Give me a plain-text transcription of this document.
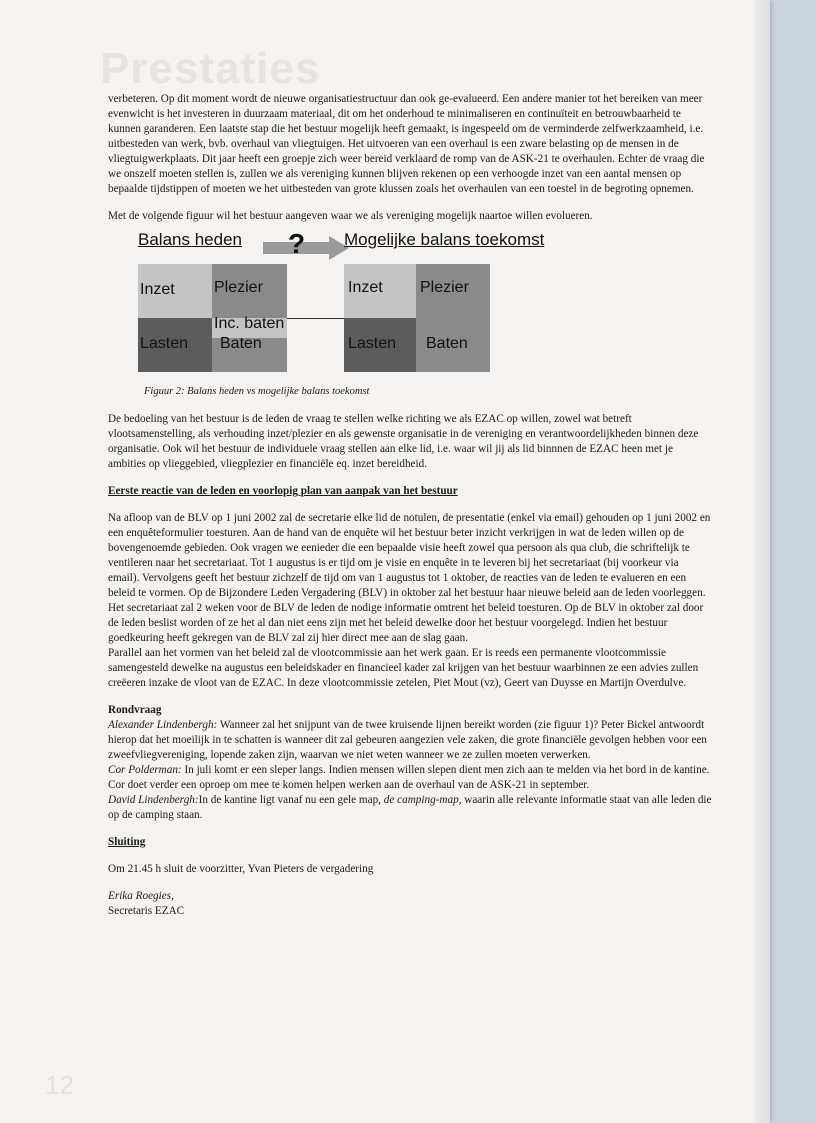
Prestaties
12

verbeteren. Op dit moment wordt de nieuwe organisatiestructuur dan ook ge-evalueerd. Een andere manier tot het bereiken van meer evenwicht is het investeren in duurzaam materiaal, dit om het onderhoud te minimaliseren en continuïteit en betrouwbaarheid te kunnen garanderen. Een laatste stap die het bestuur mogelijk heeft gemaakt, is ingespeeld om de verminderde zelfwerkzaamheid, i.e. uitbesteden van werk, bvb. overhaul van vliegtuigen. Het uitvoeren van een overhaul is een zware belasting op de mensen in de vliegtuigwerkplaats. Dit jaar heeft een groepje zich weer bereid verklaard de romp van de ASK-21 te overhaulen. Echter de vraag die we onszelf moeten stellen is, zullen we als vereniging kunnen blijven rekenen op een verhoogde inzet van een aantal mensen op bepaalde tijdstippen of moeten we het uitbesteden van grote klussen zoals het overhaulen van een toestel in de begroting opnemen.

Met de volgende figuur wil het bestuur aangeven waar we als vereniging mogelijk naartoe willen evolueren.

Balans heden ? Mogelijke balans toekomst
Inzet Plezier
Inc. baten
Lasten Baten
Inzet Plezier
Lasten Baten
Figuur 2: Balans heden vs mogelijke balans toekomst

De bedoeling van het bestuur is de leden de vraag te stellen welke richting we als EZAC op willen, zowel wat betreft vlootsamenstelling, als verhouding inzet/plezier en als gewenste organisatie in de vereniging en verantwoordelijkheden binnen deze organisatie. Ook wil het bestuur de individuele vraag stellen aan elke lid, i.e. waar wil jij als lid binnnen de EZAC heen met je ambities op vlieggebied, vliegplezier en financiële eq. inzet bereidheid.

Eerste reactie van de leden en voorlopig plan van aanpak van het bestuur

Na afloop van de BLV op 1 juni 2002 zal de secretarie elke lid de notulen, de presentatie (enkel via email) gehouden op 1 juni 2002 en een enquêteformulier toesturen. Aan de hand van de enquête wil het bestuur beter inzicht verkrijgen in wat de leden willen op de bovengenoemde gebieden. Ook vragen we eenieder die een bepaalde visie heeft zowel qua persoon als qua club, die schriftelijk te ventileren naar het secretariaat. Tot 1 augustus is er tijd om je visie en enquête in te leveren bij het secretariaat (bij voorkeur via email). Vervolgens geeft het bestuur zichzelf de tijd om van 1 augustus tot 1 oktober, de reacties van de leden te evalueren en een beleid te vormen. Op de Bijzondere Leden Vergadering (BLV) in oktober zal het bestuur haar nieuwe beleid aan de leden voorleggen. Het secretariaat zal 2 weken voor de BLV de leden de nodige informatie omtrent het beleid toesturen. Op de BLV in oktober zal door de leden beslist worden of ze het al dan niet eens zijn met het beleid dewelke door het bestuur voorgelegd. Indien het bestuur goedkeuring heeft gekregen van de BLV zal zij hier direct mee aan de slag gaan.

Parallel aan het vormen van het beleid zal de vlootcommissie aan het werk gaan. Er is reeds een permanente vlootcommissie samengesteld dewelke na augustus een beleidskader en financieel kader zal krijgen van het bestuur waarbinnen ze een advies zullen creëeren inzake de vloot van de EZAC. In deze vlootcommissie zetelen, Piet Mout (vz), Geert van Duysse en Martijn Overdulve.

Rondvraag

Alexander Lindenbergh: Wanneer zal het snijpunt van de twee kruisende lijnen bereikt worden (zie figuur 1)? Peter Bickel antwoordt hierop dat het moeilijk in te schatten is wanneer dit zal gebeuren aangezien vele zaken, die grote financiële gevolgen hebben voor een zweefvliegvereniging, lopende zaken zijn, waarvan we niet weten wanneer we ze zullen moeten verwerken.

Cor Polderman: In juli komt er een sleper langs. Indien mensen willen slepen dient men zich aan te melden via het bord in de kantine. Cor doet verder een oproep om mee te komen helpen werken aan de overhaul van de ASK-21 in september.

David Lindenbergh:In de kantine ligt vanaf nu een gele map, de camping-map, waarin alle relevante informatie staat van alle leden die op de camping staan.

Sluiting

Om 21.45 h sluit de voorzitter, Yvan Pieters de vergadering

Erika Roegies,

Secretaris EZAC
